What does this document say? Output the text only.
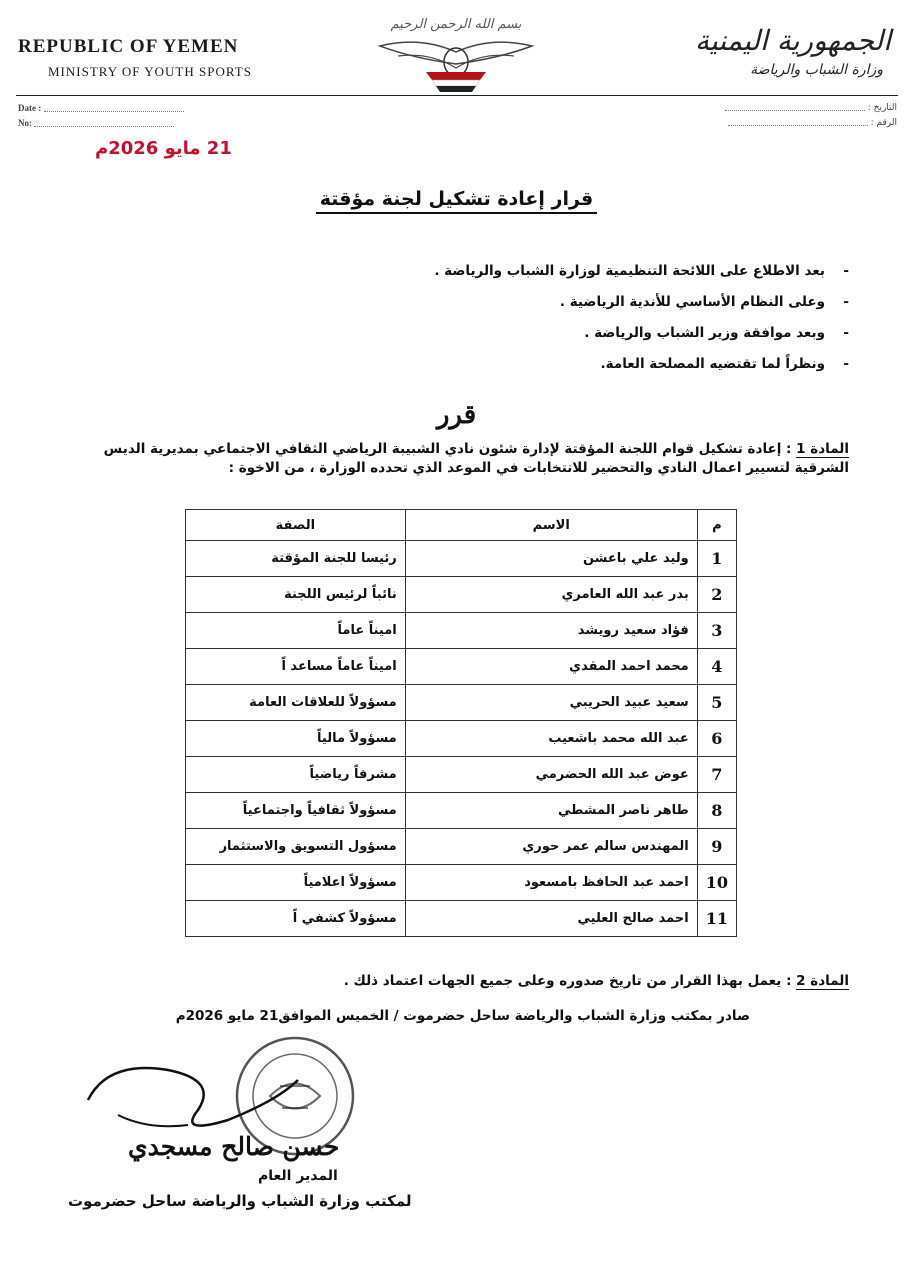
REPUBLIC OF YEMEN
MINISTRY OF YOUTH SPORTS
بسم الله الرحمن الرحيم	الجمهورية اليمنية
وزارة الشباب والرياضة
Date :
No:
التاريخ :
الرقم :
21 مايو 2026م
قرار إعادة تشكيل لجنة مؤقتة
- بعد الاطلاع على اللائحة التنظيمية لوزارة الشباب والرياضة .
- وعلى النظام الأساسي للأندية الرياضية .
- وبعد موافقة وزير الشباب والرياضة .
- ونظراً لما تقتضيه المصلحة العامة.
قرر
المادة 1 : إعادة تشكيل قوام اللجنة المؤقتة لإدارة شئون نادي الشبيبة الرياضي الثقافي الاجتماعي بمديرية الديس الشرقية لتسيير اعمال النادي والتحضير للانتخابات في الموعد الذي تحدده الوزارة ، من الاخوة :
م	الاسم	الصفة
1	وليد علي باعشن	رئيسا للجنة المؤقتة
2	بدر عبد الله العامري	نائباً لرئيس اللجنة
3	فؤاد سعيد رويشد	اميناً عاماً
4	محمد احمد المقدي	اميناً عاماً مساعد اً
5	سعيد عبيد الحريبي	مسؤولاً للعلاقات العامة
6	عبد الله محمد باشعيب	مسؤولاً مالياً
7	عوض عبد الله الحضرمي	مشرفاً رياضياً
8	طاهر ناصر المشطي	مسؤولاً ثقافياً واجتماعياً
9	المهندس سالم عمر حوري	مسؤول التسويق والاستثمار
10	احمد عبد الحافظ بامسعود	مسؤولاً اعلامياً
11	احمد صالح العليي	مسؤولاً كشفي اً
المادة 2 : يعمل بهذا القرار من تاريخ صدوره وعلى جميع الجهات اعتماد ذلك .
صادر بمكتب وزارة الشباب والرياضة ساحل حضرموت / الخميس الموافق21 مايو 2026م
حسن صالح مسجدي
المدير العام
لمكتب وزارة الشباب والرياضة ساحل حضرموت
